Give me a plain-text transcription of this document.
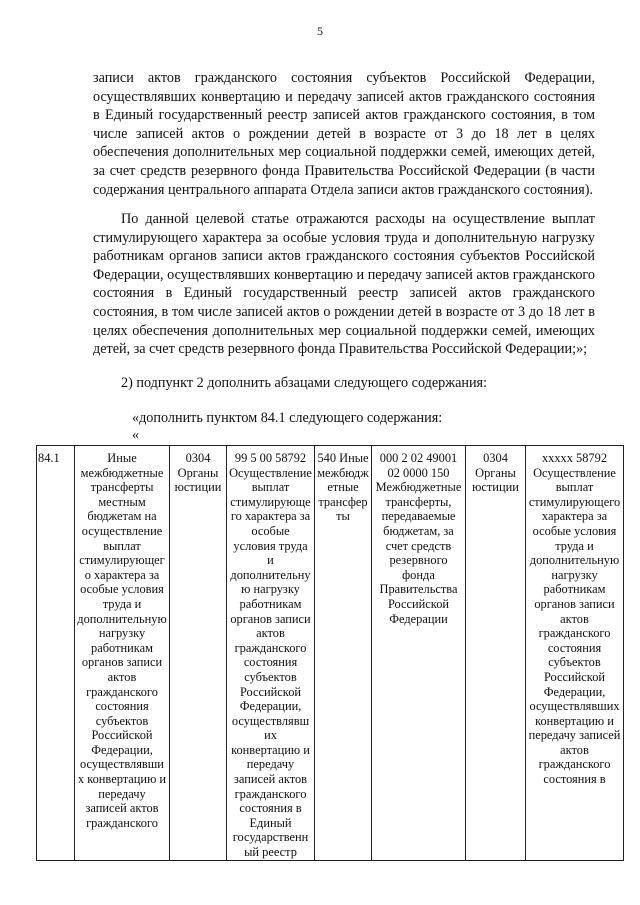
5

записи актов гражданского состояния субъектов Российской Федерации, осуществлявших конвертацию и передачу записей актов гражданского состояния в Единый государственный реестр записей актов гражданского состояния, в том числе записей актов о рождении детей в возрасте от 3 до 18 лет в целях обеспечения дополнительных мер социальной поддержки семей, имеющих детей, за счет средств резервного фонда Правительства Российской Федерации (в части содержания центрального аппарата Отдела записи актов гражданского состояния).

По данной целевой статье отражаются расходы на осуществление выплат стимулирующего характера за особые условия труда и дополнительную нагрузку работникам органов записи актов гражданского состояния субъектов Российской Федерации, осуществлявших конвертацию и передачу записей актов гражданского состояния в Единый государственный реестр записей актов гражданского состояния, в том числе записей актов о рождении детей в возрасте от 3 до 18 лет в целях обеспечения дополнительных мер социальной поддержки семей, имеющих детей, за счет средств резервного фонда Правительства Российской Федерации;»;

2) подпункт 2 дополнить абзацами следующего содержания:

«дополнить пунктом 84.1 следующего содержания:

«

84.1	Иные межбюджетные трансферты местным бюджетам на осуществление выплат стимулирующего характера за особые условия труда и дополнительную нагрузку работникам органов записи актов гражданского состояния субъектов Российской Федерации, осуществлявших конвертацию и передачу записей актов гражданского	0304 Органы юстиции	99 5 00 58792 Осуществление выплат стимулирующего характера за особые условия труда и дополнительную нагрузку работникам органов записи актов гражданского состояния субъектов Российской Федерации, осуществлявших конвертацию и передачу записей актов гражданского состояния в Единый государственный реестр	540 Иные межбюджетные трансферты	000 2 02 49001 02 0000 150 Межбюджетные трансферты, передаваемые бюджетам, за счет средств резервного фонда Правительства Российской Федерации	0304 Органы юстиции	ххххх 58792 Осуществление выплат стимулирующего характера за особые условия труда и дополнительную нагрузку работникам органов записи актов гражданского состояния субъектов Российской Федерации, осуществлявших конвертацию и передачу записей актов гражданского состояния в
